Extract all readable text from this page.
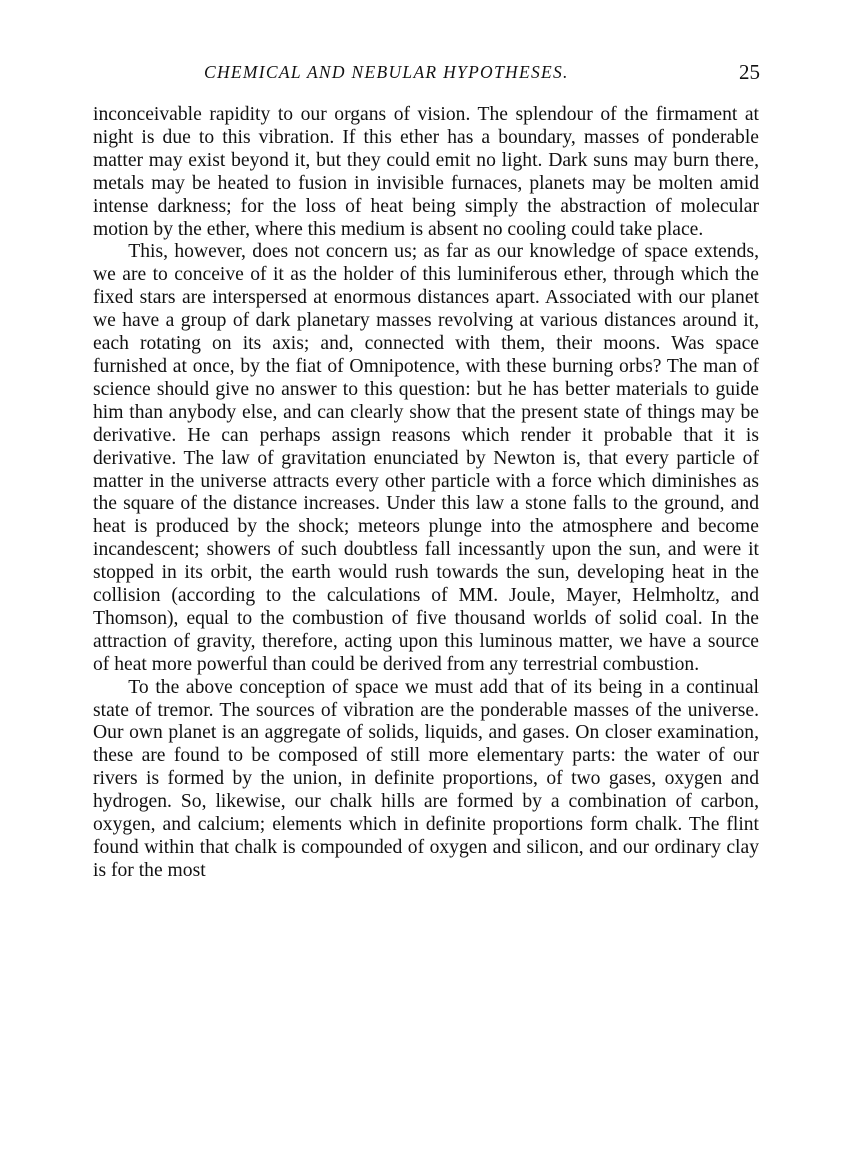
CHEMICAL AND NEBULAR HYPOTHESES.	25

inconceivable rapidity to our organs of vision. The splendour of the firmament at night is due to this vibration. If this ether has a boundary, masses of ponderable matter may exist beyond it, but they could emit no light. Dark suns may burn there, metals may be heated to fusion in invisible furnaces, planets may be molten amid intense darkness; for the loss of heat being simply the abstraction of molecular motion by the ether, where this medium is absent no cooling could take place.

This, however, does not concern us; as far as our knowledge of space extends, we are to conceive of it as the holder of this luminiferous ether, through which the fixed stars are interspersed at enormous distances apart. Associated with our planet we have a group of dark planetary masses revolving at various distances around it, each rotating on its axis; and, connected with them, their moons. Was space furnished at once, by the fiat of Omnipotence, with these burning orbs? The man of science should give no answer to this question: but he has better materials to guide him than anybody else, and can clearly show that the present state of things may be derivative. He can perhaps assign reasons which render it probable that it is derivative. The law of gravitation enunciated by Newton is, that every particle of matter in the universe attracts every other particle with a force which diminishes as the square of the distance increases. Under this law a stone falls to the ground, and heat is produced by the shock; meteors plunge into the atmosphere and become incandescent; showers of such doubtless fall incessantly upon the sun, and were it stopped in its orbit, the earth would rush towards the sun, developing heat in the collision (according to the calculations of MM. Joule, Mayer, Helmholtz, and Thomson), equal to the combustion of five thousand worlds of solid coal. In the attraction of gravity, therefore, acting upon this luminous matter, we have a source of heat more powerful than could be derived from any terrestrial combustion.

To the above conception of space we must add that of its being in a continual state of tremor. The sources of vibration are the ponderable masses of the universe. Our own planet is an aggregate of solids, liquids, and gases. On closer examination, these are found to be composed of still more elementary parts: the water of our rivers is formed by the union, in definite proportions, of two gases, oxygen and hydrogen. So, likewise, our chalk hills are formed by a combination of carbon, oxygen, and calcium; elements which in definite proportions form chalk. The flint found within that chalk is compounded of oxygen and silicon, and our ordinary clay is for the most
